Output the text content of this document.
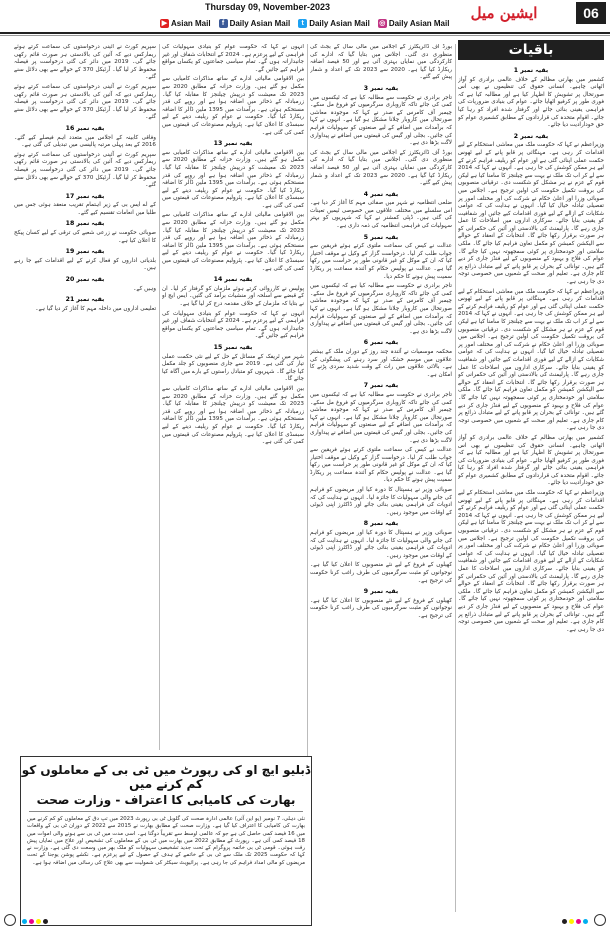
06
ایشین میل
Thursday 09, November-2023
▶ Asian Mail	f Daily Asian Mail	t Daily Asian Mail ◎ Daily Asian Mail
باقیات
بقیہ نمبر 1

کشمیر میں بھارتی مظالم کے خلاف عالمی برادری کو آواز اٹھانی چاہیے۔ انسانی حقوق کی تنظیموں نے بھی اس صورتحال پر تشویش کا اظہار کیا ہے اور مطالبہ کیا ہے کہ فوری طور پر کرفیو اٹھایا جائے۔ عوام کی بنیادی ضروریات کی فراہمی یقینی بنائی جائے اور گرفتار شدہ افراد کو رہا کیا جائے۔ اقوام متحدہ کی قراردادوں کے مطابق کشمیری عوام کو حق خودارادیت دیا جائے۔

بقیہ نمبر 2

وزیراعظم نے کہا کہ حکومت ملک میں معاشی استحکام کے لیے اقدامات کر رہی ہے۔ مہنگائی پر قابو پانے کے لیے ٹھوس حکمت عملی اپنائی گئی ہے اور عوام کو ریلیف فراہم کرنے کے لیے ہر ممکن کوشش کی جا رہی ہے۔ انہوں نے کہا کہ 2014 سے لے کر اب تک ملک نے بہت سے چیلنجز کا سامنا کیا ہے لیکن قوم کے عزم نے ہر مشکل کو شکست دی۔ ترقیاتی منصوبوں کی بروقت تکمیل حکومت کی اولین ترجیح ہے۔ اجلاس میں صوبائی وزرا اور اعلیٰ حکام نے شرکت کی اور مختلف امور پر تفصیلی تبادلہ خیال کیا گیا۔ انہوں نے ہدایت کی کہ عوامی شکایات کے ازالے کے لیے فوری اقدامات کیے جائیں اور شفافیت کو یقینی بنایا جائے۔ سرکاری اداروں میں اصلاحات کا عمل جاری رہے گا۔ پارلیمنٹ کی بالادستی اور آئین کی حکمرانی کو ہر صورت برقرار رکھا جائے گا۔ انتخابات کے انعقاد کے حوالے سے الیکشن کمیشن کو مکمل تعاون فراہم کیا جائے گا۔ ملکی سلامتی اور خودمختاری پر کوئی سمجھوتہ نہیں کیا جائے گا۔ عوام کی فلاح و بہبود کے منصوبوں کے لیے فنڈز جاری کر دیے گئے ہیں۔ توانائی کے بحران پر قابو پانے کے لیے متبادل ذرائع پر کام جاری ہے۔ تعلیم اور صحت کے شعبوں میں خصوصی توجہ دی جا رہی ہے۔

وزیراعظم نے کہا کہ حکومت ملک میں معاشی استحکام کے لیے اقدامات کر رہی ہے۔ مہنگائی پر قابو پانے کے لیے ٹھوس حکمت عملی اپنائی گئی ہے اور عوام کو ریلیف فراہم کرنے کے لیے ہر ممکن کوشش کی جا رہی ہے۔ انہوں نے کہا کہ 2014 سے لے کر اب تک ملک نے بہت سے چیلنجز کا سامنا کیا ہے لیکن قوم کے عزم نے ہر مشکل کو شکست دی۔ ترقیاتی منصوبوں کی بروقت تکمیل حکومت کی اولین ترجیح ہے۔ اجلاس میں صوبائی وزرا اور اعلیٰ حکام نے شرکت کی اور مختلف امور پر تفصیلی تبادلہ خیال کیا گیا۔ انہوں نے ہدایت کی کہ عوامی شکایات کے ازالے کے لیے فوری اقدامات کیے جائیں اور شفافیت کو یقینی بنایا جائے۔ سرکاری اداروں میں اصلاحات کا عمل جاری رہے گا۔ پارلیمنٹ کی بالادستی اور آئین کی حکمرانی کو ہر صورت برقرار رکھا جائے گا۔ انتخابات کے انعقاد کے حوالے سے الیکشن کمیشن کو مکمل تعاون فراہم کیا جائے گا۔ ملکی سلامتی اور خودمختاری پر کوئی سمجھوتہ نہیں کیا جائے گا۔ عوام کی فلاح و بہبود کے منصوبوں کے لیے فنڈز جاری کر دیے گئے ہیں۔ توانائی کے بحران پر قابو پانے کے لیے متبادل ذرائع پر کام جاری ہے۔ تعلیم اور صحت کے شعبوں میں خصوصی توجہ دی جا رہی ہے۔

کشمیر میں بھارتی مظالم کے خلاف عالمی برادری کو آواز اٹھانی چاہیے۔ انسانی حقوق کی تنظیموں نے بھی اس صورتحال پر تشویش کا اظہار کیا ہے اور مطالبہ کیا ہے کہ فوری طور پر کرفیو اٹھایا جائے۔ عوام کی بنیادی ضروریات کی فراہمی یقینی بنائی جائے اور گرفتار شدہ افراد کو رہا کیا جائے۔ اقوام متحدہ کی قراردادوں کے مطابق کشمیری عوام کو حق خودارادیت دیا جائے۔

وزیراعظم نے کہا کہ حکومت ملک میں معاشی استحکام کے لیے اقدامات کر رہی ہے۔ مہنگائی پر قابو پانے کے لیے ٹھوس حکمت عملی اپنائی گئی ہے اور عوام کو ریلیف فراہم کرنے کے لیے ہر ممکن کوشش کی جا رہی ہے۔ انہوں نے کہا کہ 2014 سے لے کر اب تک ملک نے بہت سے چیلنجز کا سامنا کیا ہے لیکن قوم کے عزم نے ہر مشکل کو شکست دی۔ ترقیاتی منصوبوں کی بروقت تکمیل حکومت کی اولین ترجیح ہے۔ اجلاس میں صوبائی وزرا اور اعلیٰ حکام نے شرکت کی اور مختلف امور پر تفصیلی تبادلہ خیال کیا گیا۔ انہوں نے ہدایت کی کہ عوامی شکایات کے ازالے کے لیے فوری اقدامات کیے جائیں اور شفافیت کو یقینی بنایا جائے۔ سرکاری اداروں میں اصلاحات کا عمل جاری رہے گا۔ پارلیمنٹ کی بالادستی اور آئین کی حکمرانی کو ہر صورت برقرار رکھا جائے گا۔ انتخابات کے انعقاد کے حوالے سے الیکشن کمیشن کو مکمل تعاون فراہم کیا جائے گا۔ ملکی سلامتی اور خودمختاری پر کوئی سمجھوتہ نہیں کیا جائے گا۔ عوام کی فلاح و بہبود کے منصوبوں کے لیے فنڈز جاری کر دیے گئے ہیں۔ توانائی کے بحران پر قابو پانے کے لیے متبادل ذرائع پر کام جاری ہے۔ تعلیم اور صحت کے شعبوں میں خصوصی توجہ دی جا رہی ہے۔

بورڈ آف ڈائریکٹرز کے اجلاس میں مالی سال کے بجٹ کی منظوری دی گئی۔ اجلاس میں بتایا گیا کہ ادارے کی کارکردگی میں نمایاں بہتری آئی ہے اور 50 فیصد اضافہ ریکارڈ کیا گیا ہے۔ 2020 سے 2023 تک کے اعداد و شمار پیش کیے گئے۔

بقیہ نمبر 3

تاجر برادری نے حکومت سے مطالبہ کیا ہے کہ ٹیکسوں میں کمی کی جائے تاکہ کاروباری سرگرمیوں کو فروغ مل سکے۔ چیمبر آف کامرس کے صدر نے کہا کہ موجودہ معاشی صورتحال میں کاروبار چلانا مشکل ہو گیا ہے۔ انہوں نے کہا کہ برآمدات میں اضافے کے لیے صنعتوں کو سہولیات فراہم کی جائیں۔ بجلی اور گیس کی قیمتوں میں اضافے نے پیداواری لاگت بڑھا دی ہے۔

بورڈ آف ڈائریکٹرز کے اجلاس میں مالی سال کے بجٹ کی منظوری دی گئی۔ اجلاس میں بتایا گیا کہ ادارے کی کارکردگی میں نمایاں بہتری آئی ہے اور 50 فیصد اضافہ ریکارڈ کیا گیا ہے۔ 2020 سے 2023 تک کے اعداد و شمار پیش کیے گئے۔

بقیہ نمبر 4

ضلعی انتظامیہ نے شہر میں صفائی مہم کا آغاز کر دیا ہے۔ اس سلسلے میں مختلف علاقوں میں خصوصی ٹیمیں تعینات کی گئی ہیں۔ ڈپٹی کمشنر نے کہا کہ شہریوں کو بہتر سہولیات کی فراہمی انتظامیہ کی ذمہ داری ہے۔

بقیہ نمبر 5

عدالت نے کیس کی سماعت ملتوی کرتے ہوئے فریقین سے جواب طلب کر لیا۔ درخواست گزار کے وکیل نے موقف اختیار کیا کہ ان کے موکل کو غیر قانونی طور پر حراست میں رکھا گیا ہے۔ عدالت نے پولیس حکام کو آئندہ سماعت پر ریکارڈ سمیت پیش ہونے کا حکم دیا۔

تاجر برادری نے حکومت سے مطالبہ کیا ہے کہ ٹیکسوں میں کمی کی جائے تاکہ کاروباری سرگرمیوں کو فروغ مل سکے۔ چیمبر آف کامرس کے صدر نے کہا کہ موجودہ معاشی صورتحال میں کاروبار چلانا مشکل ہو گیا ہے۔ انہوں نے کہا کہ برآمدات میں اضافے کے لیے صنعتوں کو سہولیات فراہم کی جائیں۔ بجلی اور گیس کی قیمتوں میں اضافے نے پیداواری لاگت بڑھا دی ہے۔

بقیہ نمبر 6

محکمہ موسمیات نے آئندہ چند روز کے دوران ملک کے بیشتر علاقوں میں موسم خشک اور سرد رہنے کی پیشگوئی کی ہے۔ بالائی علاقوں میں رات کے وقت شدید سردی پڑنے کا امکان ہے۔

بقیہ نمبر 7

تاجر برادری نے حکومت سے مطالبہ کیا ہے کہ ٹیکسوں میں کمی کی جائے تاکہ کاروباری سرگرمیوں کو فروغ مل سکے۔ چیمبر آف کامرس کے صدر نے کہا کہ موجودہ معاشی صورتحال میں کاروبار چلانا مشکل ہو گیا ہے۔ انہوں نے کہا کہ برآمدات میں اضافے کے لیے صنعتوں کو سہولیات فراہم کی جائیں۔ بجلی اور گیس کی قیمتوں میں اضافے نے پیداواری لاگت بڑھا دی ہے۔

عدالت نے کیس کی سماعت ملتوی کرتے ہوئے فریقین سے جواب طلب کر لیا۔ درخواست گزار کے وکیل نے موقف اختیار کیا کہ ان کے موکل کو غیر قانونی طور پر حراست میں رکھا گیا ہے۔ عدالت نے پولیس حکام کو آئندہ سماعت پر ریکارڈ سمیت پیش ہونے کا حکم دیا۔

صوبائی وزیر نے ہسپتال کا دورہ کیا اور مریضوں کو فراہم کی جانے والی سہولیات کا جائزہ لیا۔ انہوں نے ہدایت کی کہ ادویات کی فراہمی یقینی بنائی جائے اور ڈاکٹرز اپنی ڈیوٹی کے اوقات میں موجود رہیں۔

بقیہ نمبر 8

صوبائی وزیر نے ہسپتال کا دورہ کیا اور مریضوں کو فراہم کی جانے والی سہولیات کا جائزہ لیا۔ انہوں نے ہدایت کی کہ ادویات کی فراہمی یقینی بنائی جائے اور ڈاکٹرز اپنی ڈیوٹی کے اوقات میں موجود رہیں۔

کھیلوں کے فروغ کے لیے نئے منصوبوں کا اعلان کیا گیا ہے۔ نوجوانوں کو مثبت سرگرمیوں کی طرف راغب کرنا حکومت کی ترجیح ہے۔

بقیہ نمبر 9

کھیلوں کے فروغ کے لیے نئے منصوبوں کا اعلان کیا گیا ہے۔ نوجوانوں کو مثبت سرگرمیوں کی طرف راغب کرنا حکومت کی ترجیح ہے۔

انہوں نے کہا کہ حکومت عوام کو بنیادی سہولیات کی فراہمی کے لیے پرعزم ہے۔ 2024 کے انتخابات شفاف اور غیر جانبدارانہ ہوں گے۔ تمام سیاسی جماعتوں کو یکساں مواقع فراہم کیے جائیں گے۔

بین الاقوامی مالیاتی ادارے کے ساتھ مذاکرات کامیابی سے مکمل ہو گئے ہیں۔ وزارت خزانہ کے مطابق 2020 سے 2023 تک معیشت کو درپیش چیلنجز کا مقابلہ کیا گیا۔ زرمبادلہ کے ذخائر میں اضافہ ہوا ہے اور روپے کی قدر مستحکم ہوئی ہے۔ برآمدات میں 1395 ملین ڈالر کا اضافہ ریکارڈ کیا گیا۔ حکومت نے عوام کو ریلیف دینے کے لیے سبسڈی کا اعلان کیا ہے۔ پٹرولیم مصنوعات کی قیمتوں میں کمی کی گئی ہے۔

بقیہ نمبر 13

بین الاقوامی مالیاتی ادارے کے ساتھ مذاکرات کامیابی سے مکمل ہو گئے ہیں۔ وزارت خزانہ کے مطابق 2020 سے 2023 تک معیشت کو درپیش چیلنجز کا مقابلہ کیا گیا۔ زرمبادلہ کے ذخائر میں اضافہ ہوا ہے اور روپے کی قدر مستحکم ہوئی ہے۔ برآمدات میں 1395 ملین ڈالر کا اضافہ ریکارڈ کیا گیا۔ حکومت نے عوام کو ریلیف دینے کے لیے سبسڈی کا اعلان کیا ہے۔ پٹرولیم مصنوعات کی قیمتوں میں کمی کی گئی ہے۔

بین الاقوامی مالیاتی ادارے کے ساتھ مذاکرات کامیابی سے مکمل ہو گئے ہیں۔ وزارت خزانہ کے مطابق 2020 سے 2023 تک معیشت کو درپیش چیلنجز کا مقابلہ کیا گیا۔ زرمبادلہ کے ذخائر میں اضافہ ہوا ہے اور روپے کی قدر مستحکم ہوئی ہے۔ برآمدات میں 1395 ملین ڈالر کا اضافہ ریکارڈ کیا گیا۔ حکومت نے عوام کو ریلیف دینے کے لیے سبسڈی کا اعلان کیا ہے۔ پٹرولیم مصنوعات کی قیمتوں میں کمی کی گئی ہے۔

بقیہ نمبر 14

پولیس نے کارروائی کرتے ہوئے ملزمان کو گرفتار کر لیا۔ ان کے قبضے سے اسلحہ اور منشیات برآمد کی گئیں۔ ایس ایچ او نے بتایا کہ ملزمان کے خلاف مقدمہ درج کر لیا گیا ہے۔

انہوں نے کہا کہ حکومت عوام کو بنیادی سہولیات کی فراہمی کے لیے پرعزم ہے۔ 2024 کے انتخابات شفاف اور غیر جانبدارانہ ہوں گے۔ تمام سیاسی جماعتوں کو یکساں مواقع فراہم کیے جائیں گے۔

بقیہ نمبر 15

شہر میں ٹریفک کے مسائل کے حل کے لیے نئی حکمت عملی تیار کی گئی ہے۔ 2019 سے جاری منصوبوں کو جلد مکمل کیا جائے گا۔ شہریوں کو متبادل راستوں کے بارے میں آگاہ کیا جائے گا۔

بین الاقوامی مالیاتی ادارے کے ساتھ مذاکرات کامیابی سے مکمل ہو گئے ہیں۔ وزارت خزانہ کے مطابق 2020 سے 2023 تک معیشت کو درپیش چیلنجز کا مقابلہ کیا گیا۔ زرمبادلہ کے ذخائر میں اضافہ ہوا ہے اور روپے کی قدر مستحکم ہوئی ہے۔ برآمدات میں 1395 ملین ڈالر کا اضافہ ریکارڈ کیا گیا۔ حکومت نے عوام کو ریلیف دینے کے لیے سبسڈی کا اعلان کیا ہے۔ پٹرولیم مصنوعات کی قیمتوں میں کمی کی گئی ہے۔

سپریم کورٹ نے آئینی درخواستوں کی سماعت کرتے ہوئے ریمارکس دیے کہ آئین کی بالادستی ہر صورت قائم رکھی جائے گی۔ 2019 میں دائر کی گئی درخواست پر فیصلہ محفوظ کر لیا گیا۔ آرٹیکل 370 کے حوالے سے بھی دلائل سنے گئے۔

سپریم کورٹ نے آئینی درخواستوں کی سماعت کرتے ہوئے ریمارکس دیے کہ آئین کی بالادستی ہر صورت قائم رکھی جائے گی۔ 2019 میں دائر کی گئی درخواست پر فیصلہ محفوظ کر لیا گیا۔ آرٹیکل 370 کے حوالے سے بھی دلائل سنے گئے۔

بقیہ نمبر 16

وفاقی کابینہ کے اجلاس میں متعدد اہم فیصلے کیے گئے۔ 2016 کے بعد پہلی مرتبہ پالیسی میں تبدیلی کی گئی ہے۔

سپریم کورٹ نے آئینی درخواستوں کی سماعت کرتے ہوئے ریمارکس دیے کہ آئین کی بالادستی ہر صورت قائم رکھی جائے گی۔ 2019 میں دائر کی گئی درخواست پر فیصلہ محفوظ کر لیا گیا۔ آرٹیکل 370 کے حوالے سے بھی دلائل سنے گئے۔

بقیہ نمبر 17

کے اے ایس بی کے زیر اہتمام تقریب منعقد ہوئی جس میں طلبا میں انعامات تقسیم کیے گئے۔

بقیہ نمبر 18

صوبائی حکومت نے زرعی شعبے کی ترقی کے لیے کسان پیکج کا اعلان کیا ہے۔

بقیہ نمبر 19

بلدیاتی اداروں کو فعال کرنے کے لیے اقدامات کیے جا رہے ہیں۔

بقیہ نمبر 20

وہیں کے۔

بقیہ نمبر 21

تعلیمی اداروں میں داخلہ مہم کا آغاز کر دیا گیا ہے۔

ڈبلیو ایچ او کی رپورٹ میں ٹی بی کے معاملوں کو کم کرنے میں
بھارت کی کامیابی کا اعتراف - وزارت صحت
نئی دہلی، 7 نومبر (یو این آئی) عالمی ادارہ صحت کی گلوبل ٹی بی رپورٹ 2023 میں تپ دق کے معاملوں کو کم کرنے میں بھارت کی کامیابی کا اعتراف کیا گیا ہے۔ وزارت صحت کے مطابق بھارت نے 2015 سے 2022 کے دوران ٹی بی کے واقعات میں 16 فیصد کمی حاصل کی ہے جو کہ عالمی اوسط سے تقریباً دوگنا ہے۔ اسی مدت میں ٹی بی سے ہونے والی اموات میں 18 فیصد کمی آئی ہے۔ رپورٹ کے مطابق 2022 میں بھارت میں ٹی بی کے معاملوں کی تشخیص اور علاج میں نمایاں پیش رفت ہوئی۔ قومی ٹی بی خاتمہ پروگرام کے تحت جدید تشخیصی سہولیات کو ملک بھر میں وسعت دی گئی ہے۔ وزارت نے کہا کہ حکومت 2025 تک ملک سے ٹی بی کے خاتمے کے ہدف کے حصول کے لیے پرعزم ہے۔ نکشے پوشن یوجنا کے تحت مریضوں کو مالی امداد فراہم کی جا رہی ہے۔ پرائیویٹ سیکٹر کی شمولیت سے بھی علاج کی رسائی میں اضافہ ہوا ہے۔
